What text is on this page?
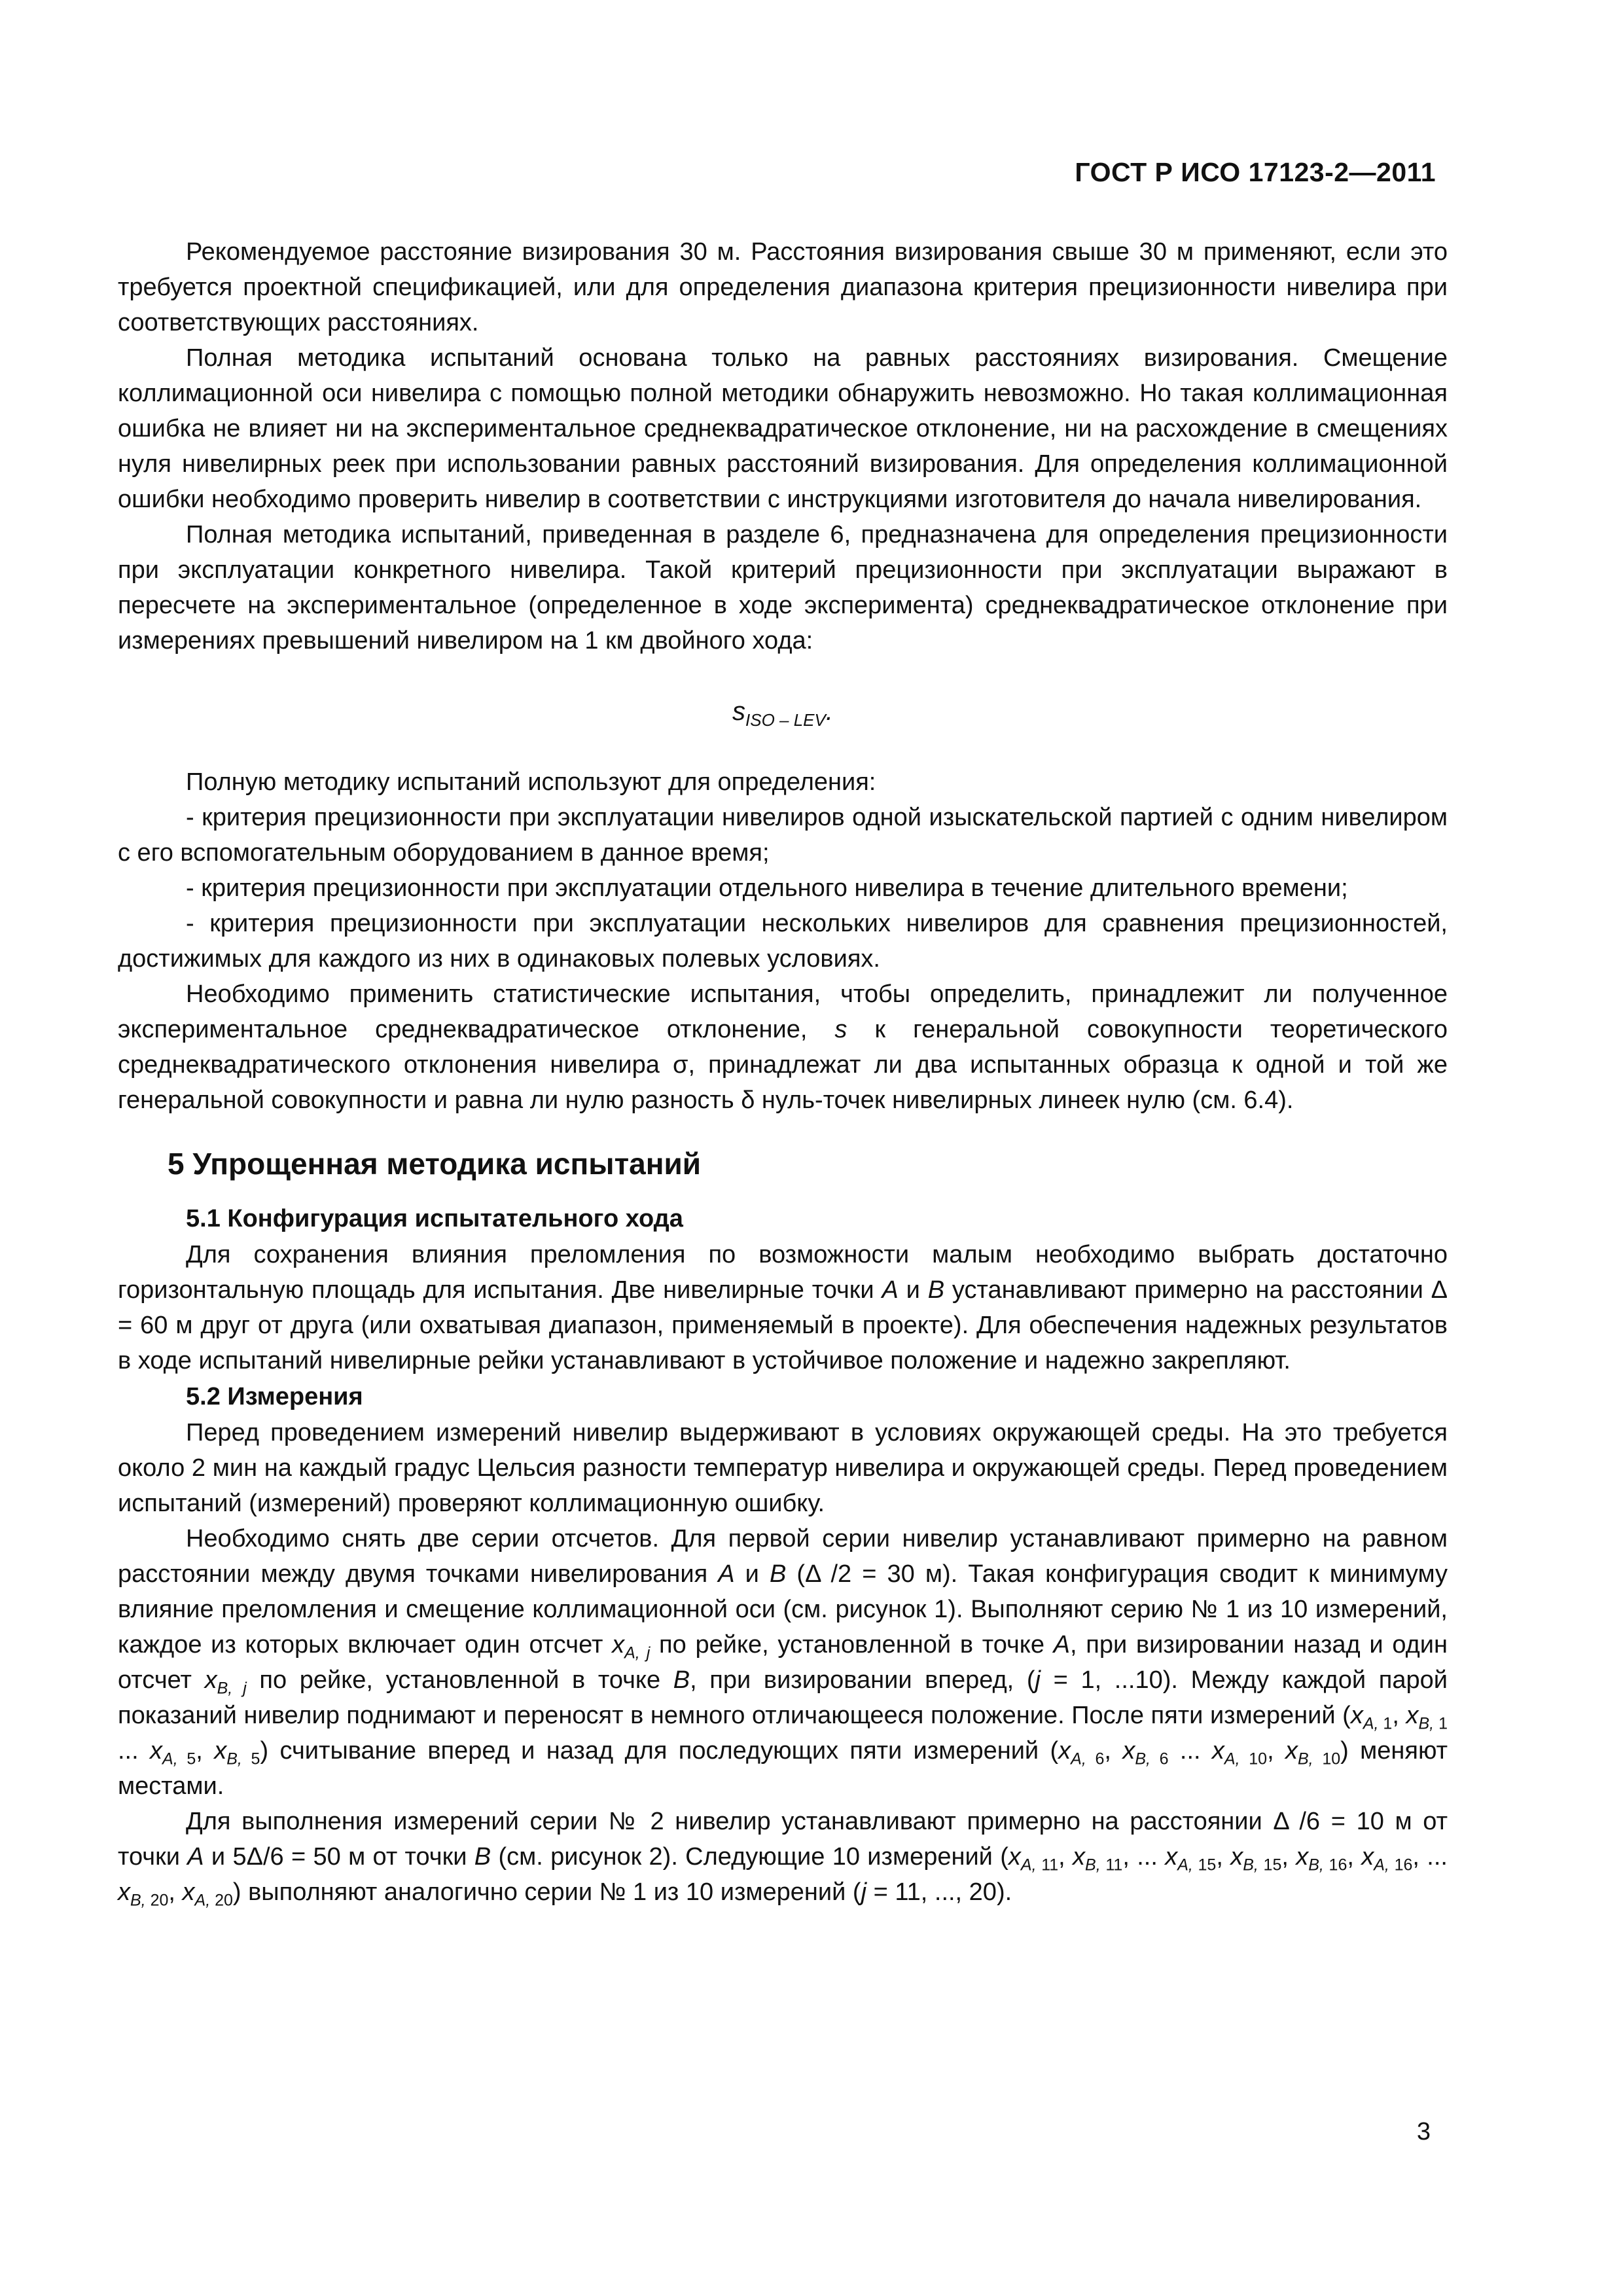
ГОСТ Р ИСО 17123-2—2011

Рекомендуемое расстояние визирования 30 м. Расстояния визирования свыше 30 м применяют, если это требуется проектной спецификацией, или для определения диапазона критерия прецизионности нивелира при соответствующих расстояниях.

Полная методика испытаний основана только на равных расстояниях визирования. Смещение коллимационной оси нивелира с помощью полной методики обнаружить невозможно. Но такая коллимационная ошибка не влияет ни на экспериментальное среднеквадратическое отклонение, ни на расхождение в смещениях нуля нивелирных реек при использовании равных расстояний визирования. Для определения коллимационной ошибки необходимо проверить нивелир в соответствии с инструкциями изготовителя до начала нивелирования.

Полная методика испытаний, приведенная в разделе 6, предназначена для определения прецизионности при эксплуатации конкретного нивелира. Такой критерий прецизионности при эксплуатации выражают в пересчете на экспериментальное (определенное в ходе эксперимента) среднеквадратическое отклонение при измерениях превышений нивелиром на 1 км двойного хода:

$s_{ISO - LEV}$.

Полную методику испытаний используют для определения:

- критерия прецизионности при эксплуатации нивелиров одной изыскательской партией с одним нивелиром с его вспомогательным оборудованием в данное время;

- критерия прецизионности при эксплуатации отдельного нивелира в течение длительного времени;

- критерия прецизионности при эксплуатации нескольких нивелиров для сравнения прецизионностей, достижимых для каждого из них в одинаковых полевых условиях.

Необходимо применить статистические испытания, чтобы определить, принадлежит ли полученное экспериментальное среднеквадратическое отклонение, s к генеральной совокупности теоретического среднеквадратического отклонения нивелира σ, принадлежат ли два испытанных образца к одной и той же генеральной совокупности и равна ли нулю разность δ нуль-точек нивелирных линеек нулю (см. 6.4).

5 Упрощенная методика испытаний
5.1 Конфигурация испытательного хода

Для сохранения влияния преломления по возможности малым необходимо выбрать достаточно горизонтальную площадь для испытания. Две нивелирные точки A и B устанавливают примерно на расстоянии Δ = 60 м друг от друга (или охватывая диапазон, применяемый в проекте). Для обеспечения надежных результатов в ходе испытаний нивелирные рейки устанавливают в устойчивое положение и надежно закрепляют.

5.2 Измерения

Перед проведением измерений нивелир выдерживают в условиях окружающей среды. На это требуется около 2 мин на каждый градус Цельсия разности температур нивелира и окружающей среды. Перед проведением испытаний (измерений) проверяют коллимационную ошибку.

Необходимо снять две серии отсчетов. Для первой серии нивелир устанавливают примерно на равном расстоянии между двумя точками нивелирования A и B (Δ /2 = 30 м). Такая конфигурация сводит к минимуму влияние преломления и смещение коллимационной оси (см. рисунок 1). Выполняют серию № 1 из 10 измерений, каждое из которых включает один отсчет $x_{A, j}$ по рейке, установленной в точке A, при визировании назад и один отсчет $x_{B, j}$ по рейке, установленной в точке B, при визировании вперед, (j = 1, ...10). Между каждой парой показаний нивелир поднимают и переносят в немного отличающееся положение. После пяти измерений ($x_{A, 1}$, $x_{B, 1}$ ... $x_{A, 5}$, $x_{B, 5}$) считывание вперед и назад для последующих пяти измерений ($x_{A, 6}$, $x_{B, 6}$ ... $x_{A, 10}$, $x_{B, 10}$) меняют местами.

Для выполнения измерений серии № 2 нивелир устанавливают примерно на расстоянии Δ /6 = 10 м от точки A и 5Δ/6 = 50 м от точки B (см. рисунок 2). Следующие 10 измерений ($x_{A, 11}$, $x_{B, 11}$, ... $x_{A, 15}$, $x_{B, 15}$, $x_{B, 16}$, $x_{A, 16}$, ... $x_{B, 20}$, $x_{A, 20}$) выполняют аналогично серии № 1 из 10 измерений (j = 11, ..., 20).

3
